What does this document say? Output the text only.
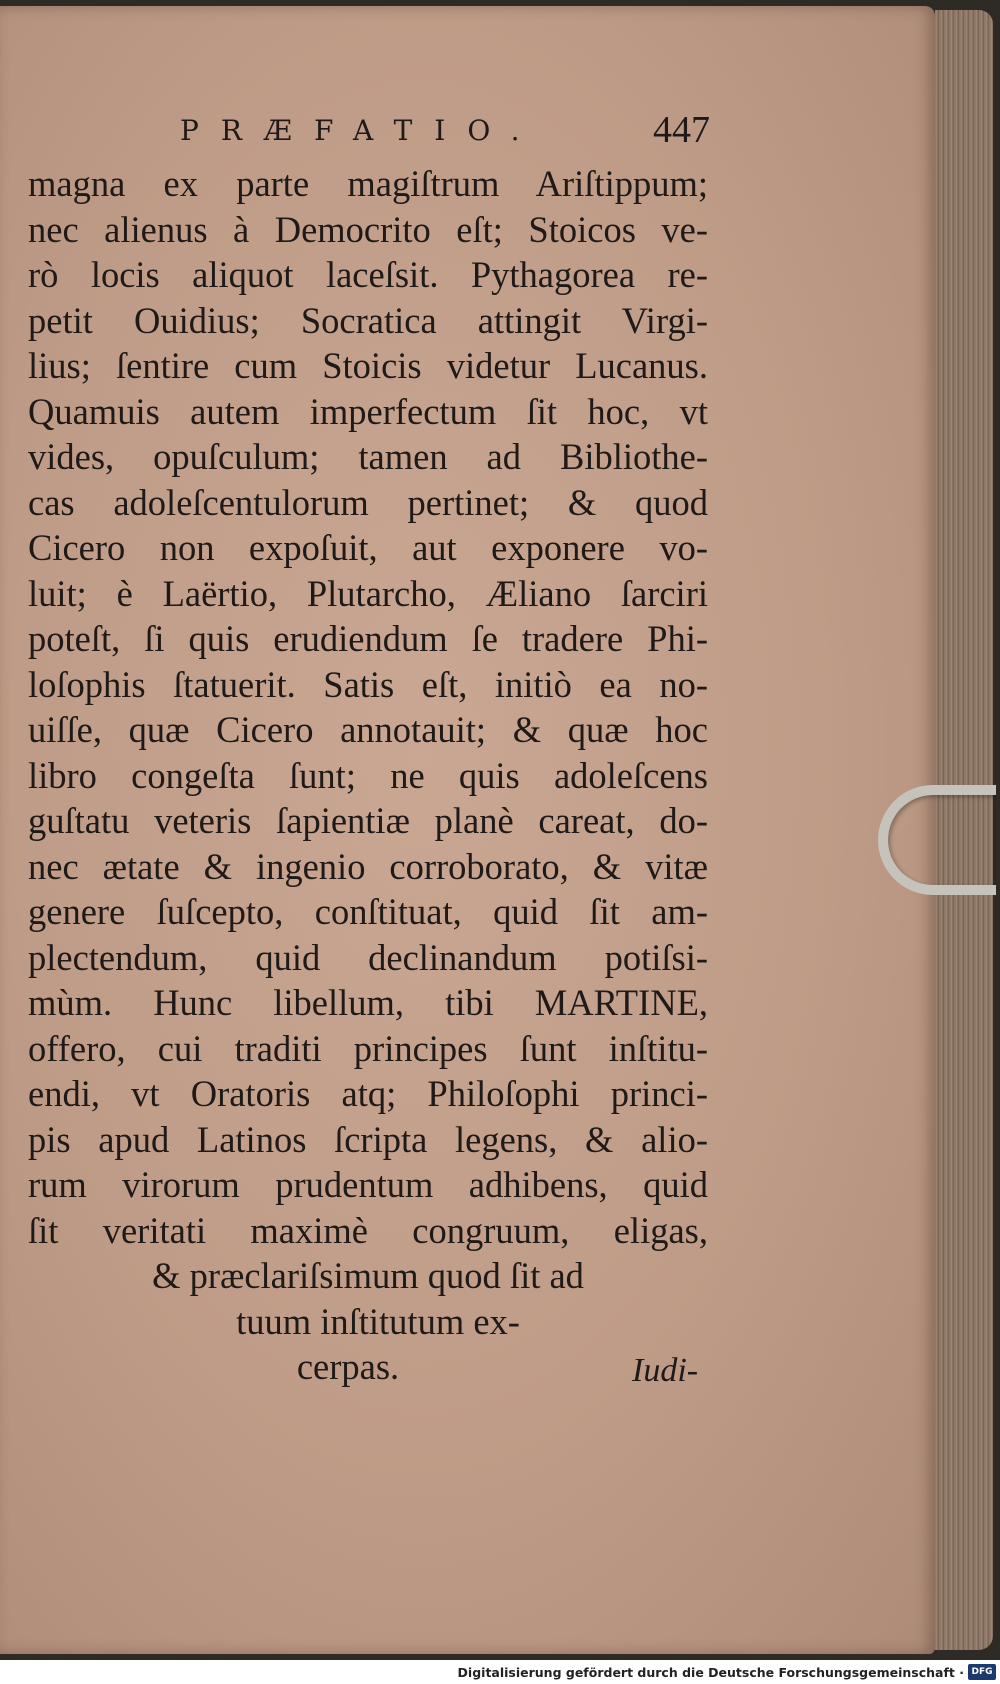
PRÆFATIO.	447
magna ex parte magiſtrum Ariſtippum;
nec alienus à Democrito eſt; Stoicos ve-
rò locis aliquot laceſsit. Pythagorea re-
petit Ouidius; Socratica attingit Virgi-
lius; ſentire cum Stoicis videtur Lucanus.
Quamuis autem imperfectum ſit hoc, vt
vides, opuſculum; tamen ad Bibliothe-
cas adoleſcentulorum pertinet; & quod
Cicero non expoſuit, aut exponere vo-
luit; è Laërtio, Plutarcho, Æliano ſarciri
poteſt, ſi quis erudiendum ſe tradere Phi-
loſophis ſtatuerit. Satis eſt, initiò ea no-
uiſſe, quæ Cicero annotauit; & quæ hoc
libro congeſta ſunt; ne quis adoleſcens
guſtatu veteris ſapientiæ planè careat, do-
nec ætate & ingenio corroborato, & vitæ
genere ſuſcepto, conſtituat, quid ſit am-
plectendum, quid declinandum potiſsi-
mùm. Hunc libellum, tibi MARTINE,
offero, cui traditi principes ſunt inſtitu-
endi, vt Oratoris atq; Philoſophi princi-
pis apud Latinos ſcripta legens, & alio-
rum virorum prudentum adhibens, quid
ſit veritati maximè congruum, eligas,
& præclariſsimum quod ſit ad
tuum inſtitutum ex-
cerpas.	Iudi-
Digitalisierung gefördert durch die Deutsche Forschungsgemeinschaft · DFG
